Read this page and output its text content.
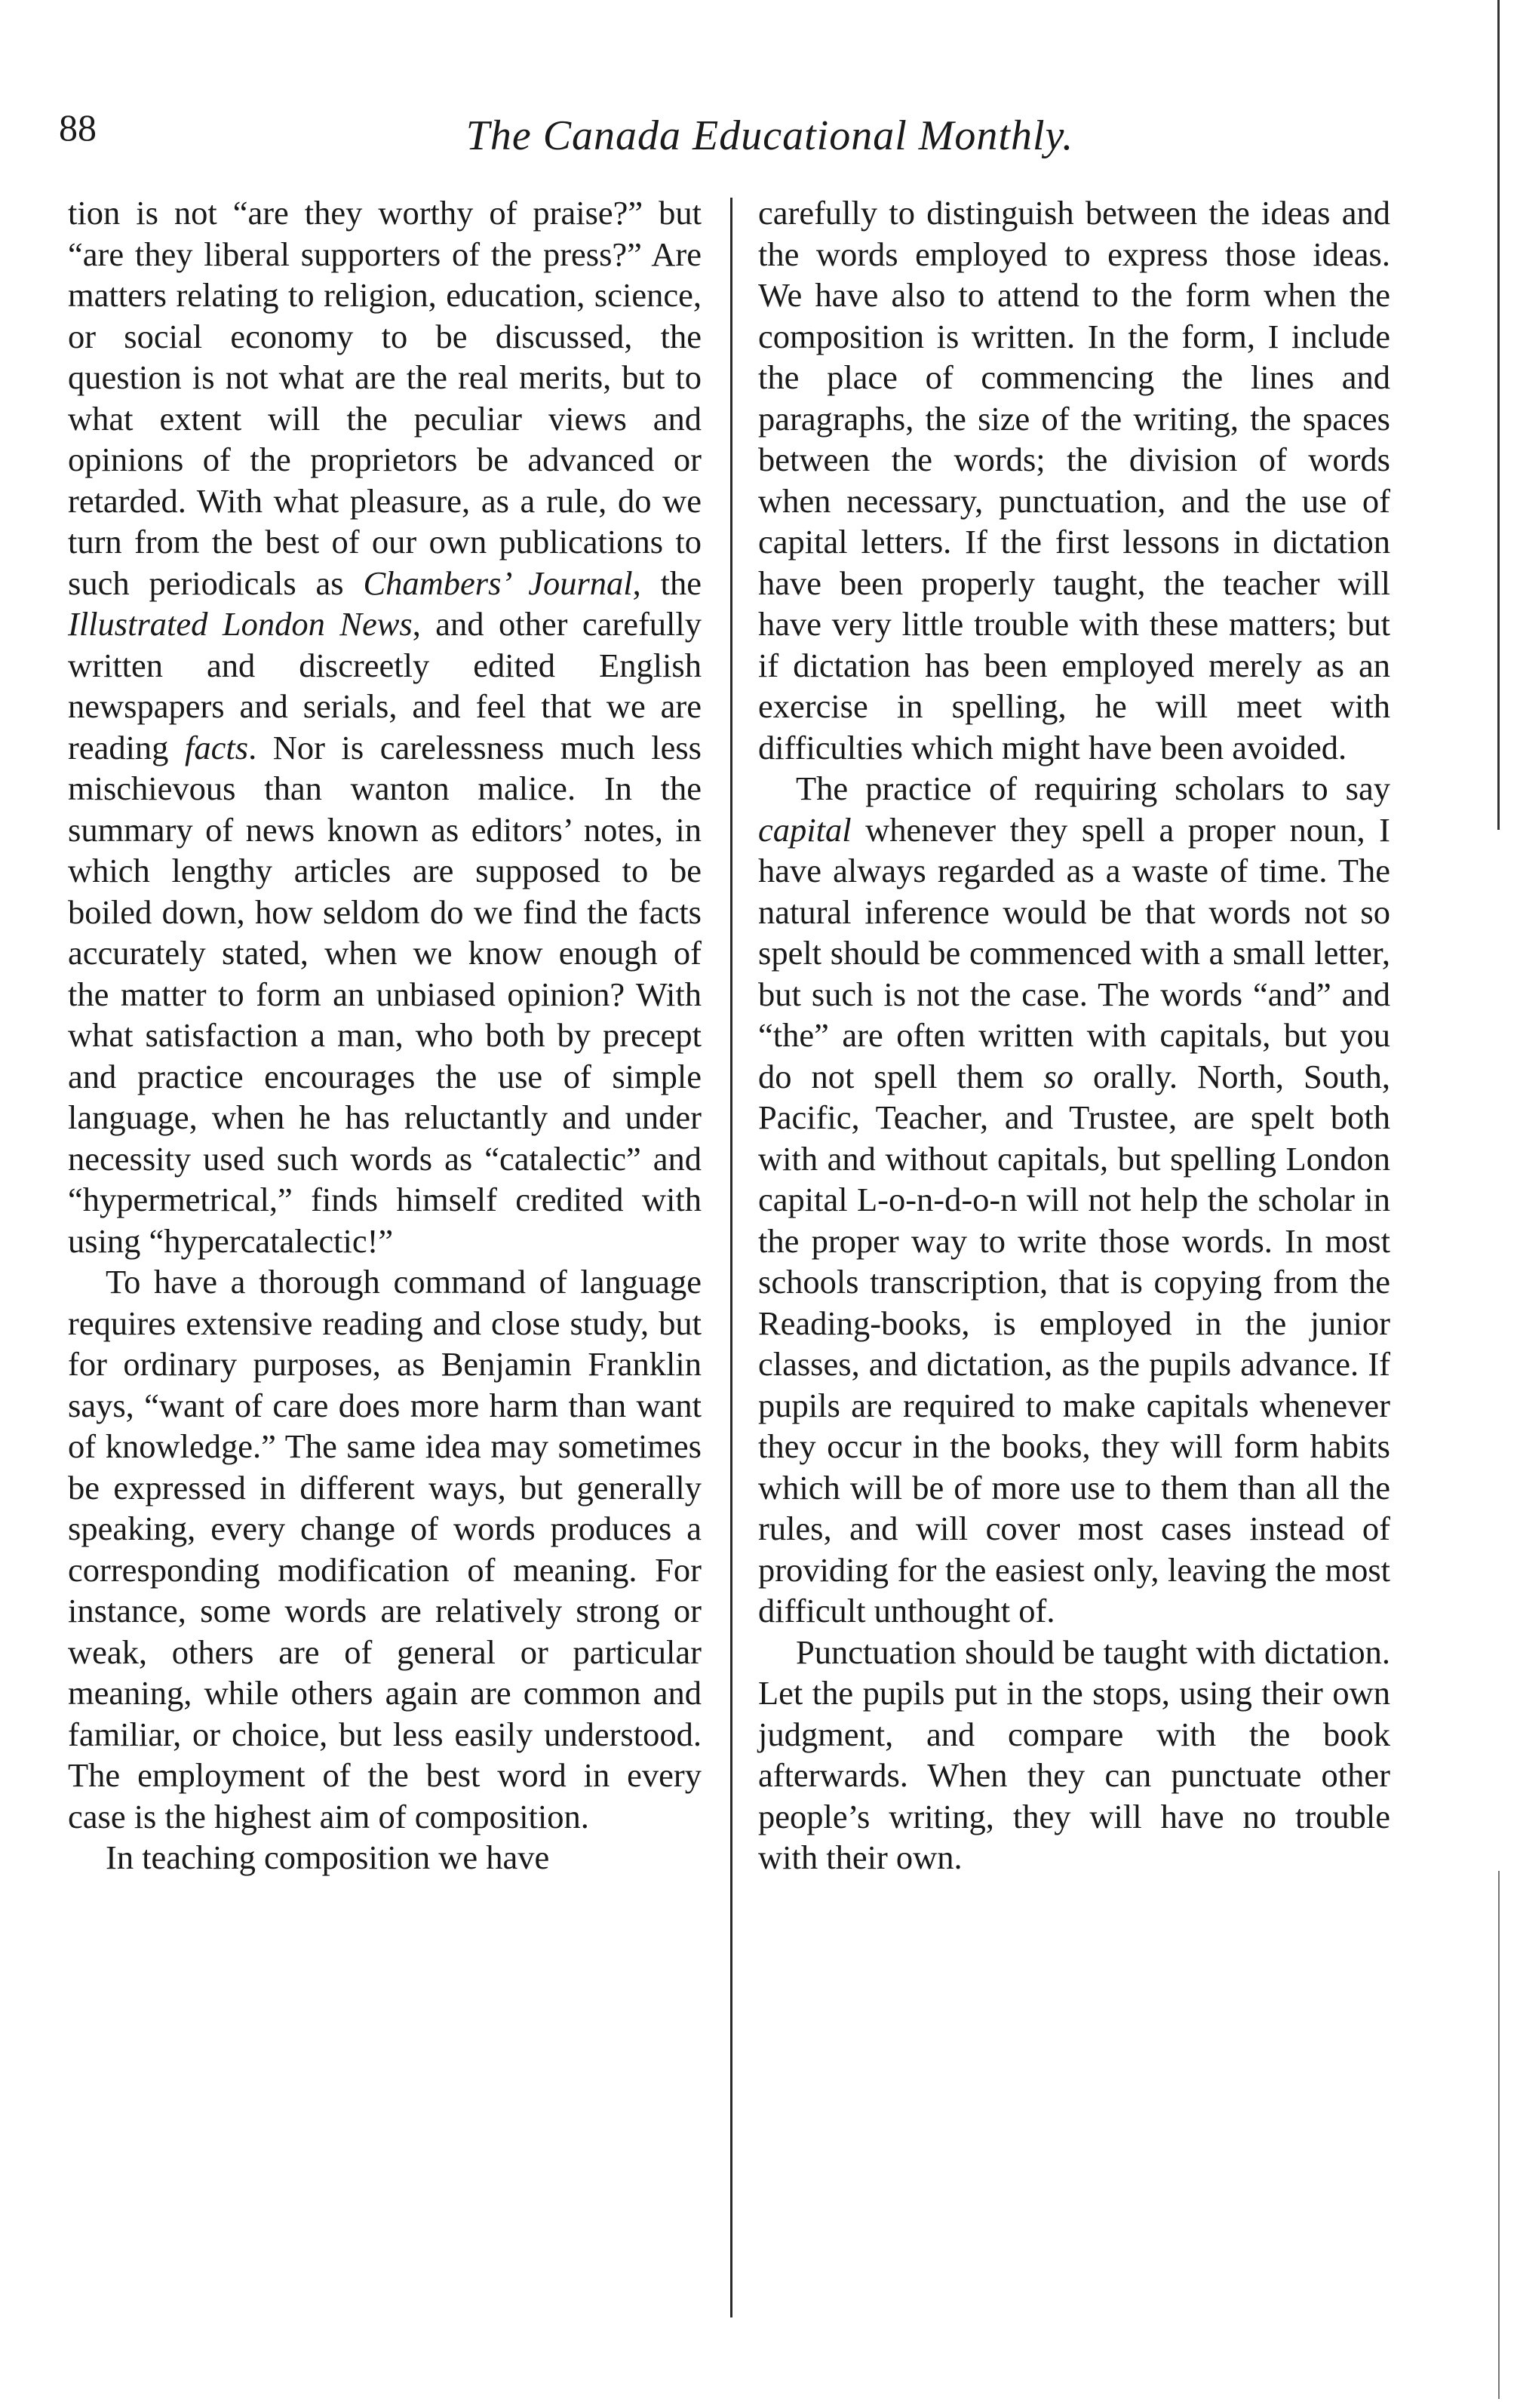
88	The Canada Educational Monthly.

tion is not “are they worthy of praise?” but “are they liberal supporters of the press?” Are matters relating to religion, education, science, or social economy to be discussed, the question is not what are the real merits, but to what extent will the peculiar views and opinions of the proprietors be advanced or retarded. With what pleasure, as a rule, do we turn from the best of our own publications to such periodicals as Chambers’ Journal, the Illustrated London News, and other carefully written and discreetly edited English newspapers and serials, and feel that we are reading facts. Nor is carelessness much less mischievous than wanton malice. In the summary of news known as editors’ notes, in which lengthy articles are supposed to be boiled down, how seldom do we find the facts accurately stated, when we know enough of the matter to form an unbiased opinion? With what satisfaction a man, who both by precept and practice encourages the use of simple language, when he has reluctantly and under necessity used such words as “catalectic” and “hypermetrical,” finds himself credited with using “hypercatalectic!”

To have a thorough command of language requires extensive reading and close study, but for ordinary purposes, as Benjamin Franklin says, “want of care does more harm than want of knowledge.” The same idea may sometimes be expressed in different ways, but generally speaking, every change of words produces a corresponding modification of meaning. For instance, some words are relatively strong or weak, others are of general or particular meaning, while others again are common and familiar, or choice, but less easily understood. The employment of the best word in every case is the highest aim of composition.

In teaching composition we have

carefully to distinguish between the ideas and the words employed to express those ideas. We have also to attend to the form when the composition is written. In the form, I include the place of commencing the lines and paragraphs, the size of the writing, the spaces between the words; the division of words when necessary, punctuation, and the use of capital letters. If the first lessons in dictation have been properly taught, the teacher will have very little trouble with these matters; but if dictation has been employed merely as an exercise in spelling, he will meet with difficulties which might have been avoided.

The practice of requiring scholars to say capital whenever they spell a proper noun, I have always regarded as a waste of time. The natural inference would be that words not so spelt should be commenced with a small letter, but such is not the case. The words “and” and “the” are often written with capitals, but you do not spell them so orally. North, South, Pacific, Teacher, and Trustee, are spelt both with and without capitals, but spelling London capital L-o-n-d-o-n will not help the scholar in the proper way to write those words. In most schools transcription, that is copying from the Reading-books, is employed in the junior classes, and dictation, as the pupils advance. If pupils are required to make capitals whenever they occur in the books, they will form habits which will be of more use to them than all the rules, and will cover most cases instead of providing for the easiest only, leaving the most difficult unthought of.

Punctuation should be taught with dictation. Let the pupils put in the stops, using their own judgment, and compare with the book afterwards. When they can punctuate other people’s writing, they will have no trouble with their own.
